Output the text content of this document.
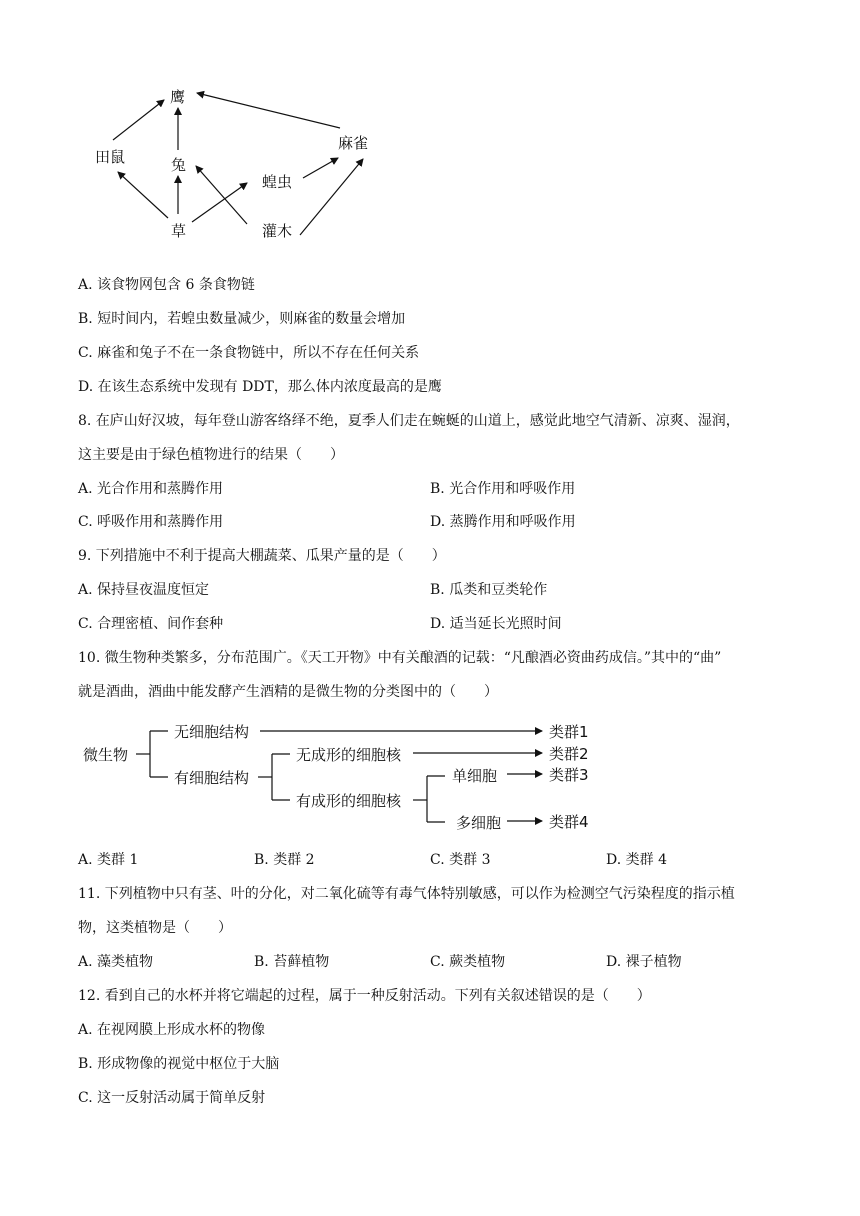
鹰
田鼠	兔
麻雀
蝗虫
草	灌木
A. 该食物网包含 6 条食物链
B. 短时间内，若蝗虫数量减少，则麻雀的数量会增加
C. 麻雀和兔子不在一条食物链中，所以不存在任何关系
D. 在该生态系统中发现有 DDT，那么体内浓度最高的是鹰
8. 在庐山好汉坡，每年登山游客络绎不绝，夏季人们走在蜿蜒的山道上，感觉此地空气清新、凉爽、湿润，
这主要是由于绿色植物进行的结果（　　）
A. 光合作用和蒸腾作用	B. 光合作用和呼吸作用
C. 呼吸作用和蒸腾作用	D. 蒸腾作用和呼吸作用
9. 下列措施中不利于提高大棚蔬菜、瓜果产量的是（　　）
A. 保持昼夜温度恒定	B. 瓜类和豆类轮作
C. 合理密植、间作套种	D. 适当延长光照时间
10. 微生物种类繁多，分布范围广。《天工开物》中有关酿酒的记载：“凡酿酒必资曲药成信。”其中的“曲”
就是酒曲，酒曲中能发酵产生酒精的是微生物的分类图中的（　　）
微生物
无细胞结构
有细胞结构
无成形的细胞核
有成形的细胞核
单细胞
多细胞
类群1
类群2
类群3
类群4
A. 类群 1	B. 类群 2	C. 类群 3	D. 类群 4
11. 下列植物中只有茎、叶的分化，对二氧化硫等有毒气体特别敏感，可以作为检测空气污染程度的指示植
物，这类植物是（　　）
A. 藻类植物	B. 苔藓植物	C. 蕨类植物	D. 裸子植物
12. 看到自己的水杯并将它端起的过程，属于一种反射活动。下列有关叙述错误的是（　　）
A. 在视网膜上形成水杯的物像
B. 形成物像的视觉中枢位于大脑
C. 这一反射活动属于简单反射
